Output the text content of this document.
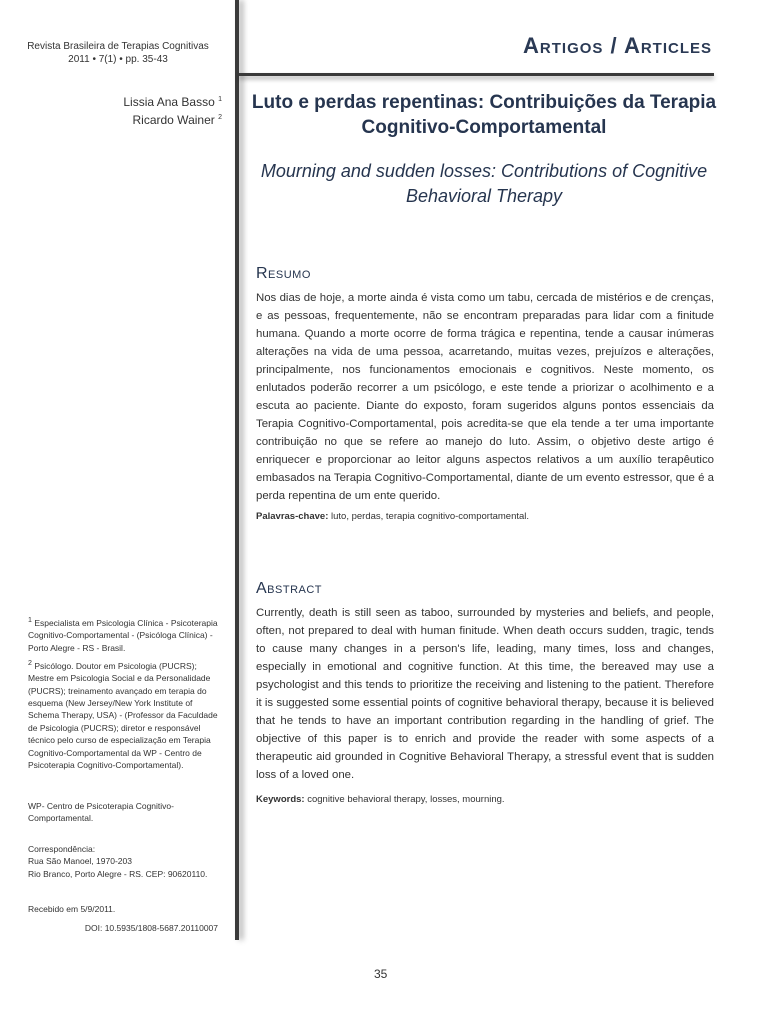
Revista Brasileira de Terapias Cognitivas
2011 • 7(1) • pp. 35-43
Artigos / Articles
Lissia Ana Basso $^1$
Ricardo Wainer $^2$
Luto e perdas repentinas: Contribuições da Terapia Cognitivo-Comportamental
Mourning and sudden losses: Contributions of Cognitive Behavioral Therapy
Resumo
Nos dias de hoje, a morte ainda é vista como um tabu, cercada de mistérios e de crenças, e as pessoas, frequentemente, não se encontram preparadas para lidar com a finitude humana. Quando a morte ocorre de forma trágica e repentina, tende a causar inúmeras alterações na vida de uma pessoa, acarretando, muitas vezes, prejuízos e alterações, principalmente, nos funcionamentos emocionais e cognitivos. Neste momento, os enlutados poderão recorrer a um psicólogo, e este tende a priorizar o acolhimento e a escuta ao paciente. Diante do exposto, foram sugeridos alguns pontos essenciais da Terapia Cognitivo-Comportamental, pois acredita-se que ela tende a ter uma importante contribuição no que se refere ao manejo do luto. Assim, o objetivo deste artigo é enriquecer e proporcionar ao leitor alguns aspectos relativos a um auxílio terapêutico embasados na Terapia Cognitivo-Comportamental, diante de um evento estressor, que é a perda repentina de um ente querido.
Palavras-chave: luto, perdas, terapia cognitivo-comportamental.
Abstract
Currently, death is still seen as taboo, surrounded by mysteries and beliefs, and people, often, not prepared to deal with human finitude. When death occurs sudden, tragic, tends to cause many changes in a person's life, leading, many times, loss and changes, especially in emotional and cognitive function. At this time, the bereaved may use a psychologist and this tends to prioritize the receiving and listening to the patient. Therefore it is suggested some essential points of cognitive behavioral therapy, because it is believed that he tends to have an important contribution regarding in the handling of grief. The objective of this paper is to enrich and provide the reader with some aspects of a therapeutic aid grounded in Cognitive Behavioral Therapy, a stressful event that is sudden loss of a loved one.
Keywords: cognitive behavioral therapy, losses, mourning.

$^1$ Especialista em Psicologia Clínica - Psicoterapia Cognitivo-Comportamental - (Psicóloga Clínica) - Porto Alegre - RS - Brasil.

$^2$ Psicólogo. Doutor em Psicologia (PUCRS); Mestre em Psicologia Social e da Personalidade (PUCRS); treinamento avançado em terapia do esquema (New Jersey/New York Institute of Schema Therapy, USA) - (Professor da Faculdade de Psicologia (PUCRS); diretor e responsável técnico pelo curso de especialização em Terapia Cognitivo-Comportamental da WP - Centro de Psicoterapia Cognitivo-Comportamental).

WP- Centro de Psicoterapia Cognitivo-Comportamental.

Correspondência:

Rua São Manoel, 1970-203

Rio Branco, Porto Alegre - RS. CEP: 90620110.

Recebido em 5/9/2011.

DOI: 10.5935/1808-5687.20110007

35
